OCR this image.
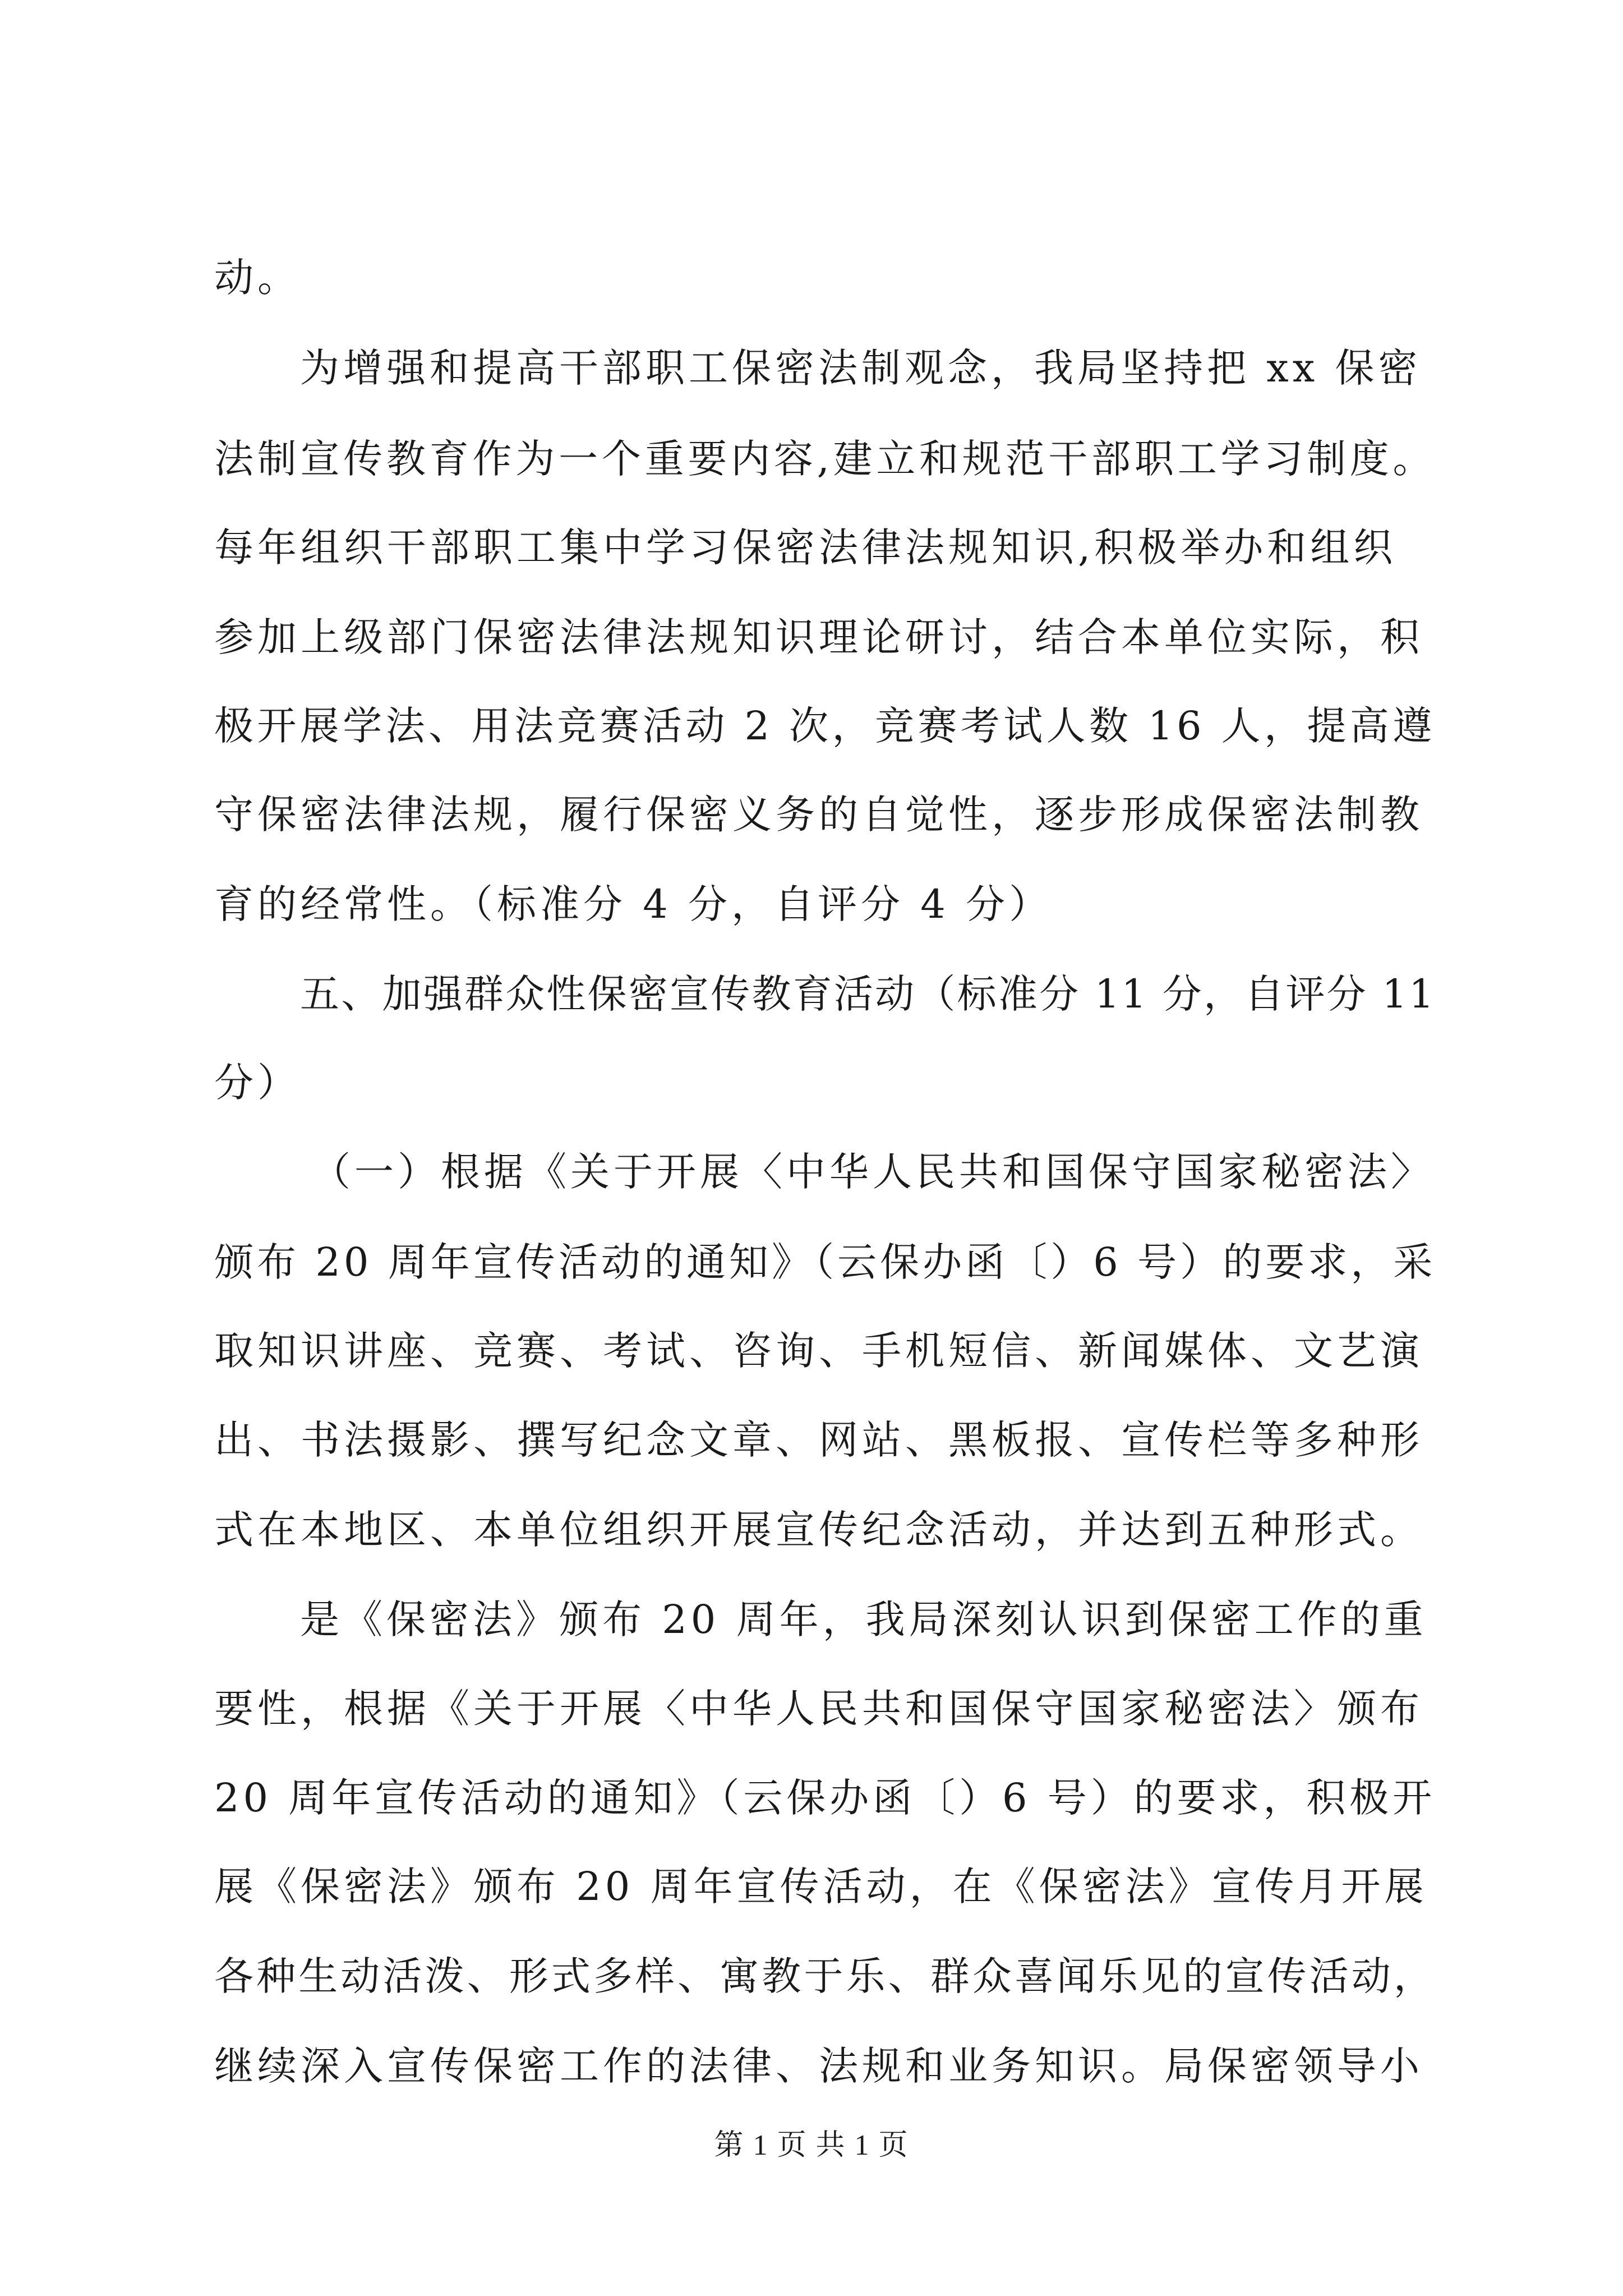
动。
为增强和提高干部职工保密法制观念，我局坚持把 xx 保密
法制宣传教育作为一个重要内容,建立和规范干部职工学习制度。
每年组织干部职工集中学习保密法律法规知识,积极举办和组织
参加上级部门保密法律法规知识理论研讨，结合本单位实际，积
极开展学法、用法竞赛活动 2 次，竞赛考试人数 16 人，提高遵
守保密法律法规，履行保密义务的自觉性，逐步形成保密法制教
育的经常性。（标准分 4 分，自评分 4 分）
五、加强群众性保密宣传教育活动（标准分 11 分，自评分 11
分）
（一）根据《关于开展〈中华人民共和国保守国家秘密法〉
颁布 20 周年宣传活动的通知》（云保办函〔）6 号）的要求，采
取知识讲座、竞赛、考试、咨询、手机短信、新闻媒体、文艺演
出、书法摄影、撰写纪念文章、网站、黑板报、宣传栏等多种形
式在本地区、本单位组织开展宣传纪念活动，并达到五种形式。
是《保密法》颁布 20 周年，我局深刻认识到保密工作的重
要性，根据《关于开展〈中华人民共和国保守国家秘密法〉颁布
20 周年宣传活动的通知》（云保办函〔）6 号）的要求，积极开
展《保密法》颁布 20 周年宣传活动，在《保密法》宣传月开展
各种生动活泼、形式多样、寓教于乐、群众喜闻乐见的宣传活动，
继续深入宣传保密工作的法律、法规和业务知识。局保密领导小
第 1 页 共 1 页
